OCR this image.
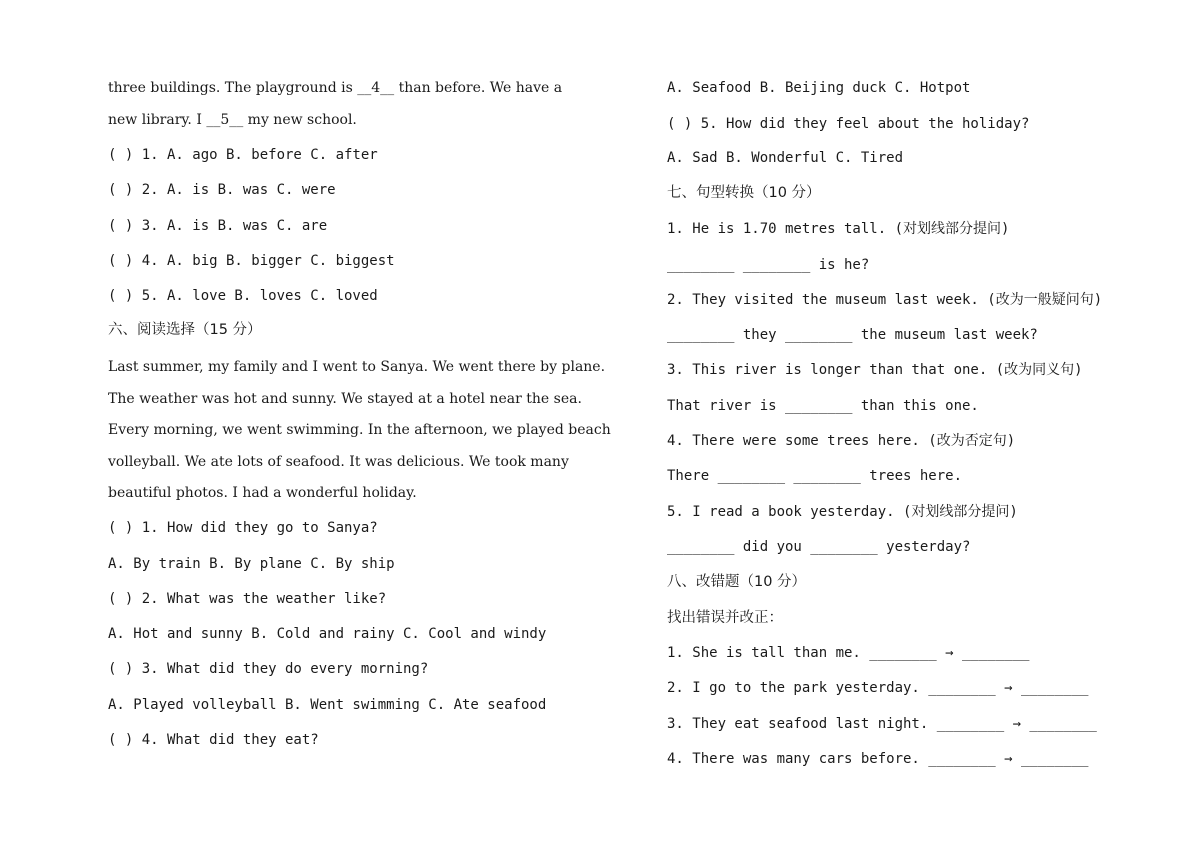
three buildings. The playground is __4__ than before. We have a
new library. I __5__ my new school.
( ) 1. A. ago B. before C. after
( ) 2. A. is B. was C. were
( ) 3. A. is B. was C. are
( ) 4. A. big B. bigger C. biggest
( ) 5. A. love B. loves C. loved
六、阅读选择（15 分）
Last summer, my family and I went to Sanya. We went there by plane.
The weather was hot and sunny. We stayed at a hotel near the sea.
Every morning, we went swimming. In the afternoon, we played beach
volleyball. We ate lots of seafood. It was delicious. We took many
beautiful photos. I had a wonderful holiday.
( ) 1. How did they go to Sanya?
A. By train B. By plane C. By ship
( ) 2. What was the weather like?
A. Hot and sunny B. Cold and rainy C. Cool and windy
( ) 3. What did they do every morning?
A. Played volleyball B. Went swimming C. Ate seafood
( ) 4. What did they eat?
A. Seafood B. Beijing duck C. Hotpot
( ) 5. How did they feel about the holiday?
A. Sad B. Wonderful C. Tired
七、句型转换（10 分）
1. He is 1.70 metres tall. (对划线部分提问)
________ ________ is he?
2. They visited the museum last week. (改为一般疑问句)
________ they ________ the museum last week?
3. This river is longer than that one. (改为同义句)
That river is ________ than this one.
4. There were some trees here. (改为否定句)
There ________ ________ trees here.
5. I read a book yesterday. (对划线部分提问)
________ did you ________ yesterday?
八、改错题（10 分）
找出错误并改正：
1. She is tall than me. ________ → ________
2. I go to the park yesterday. ________ → ________
3. They eat seafood last night. ________ → ________
4. There was many cars before. ________ → ________
